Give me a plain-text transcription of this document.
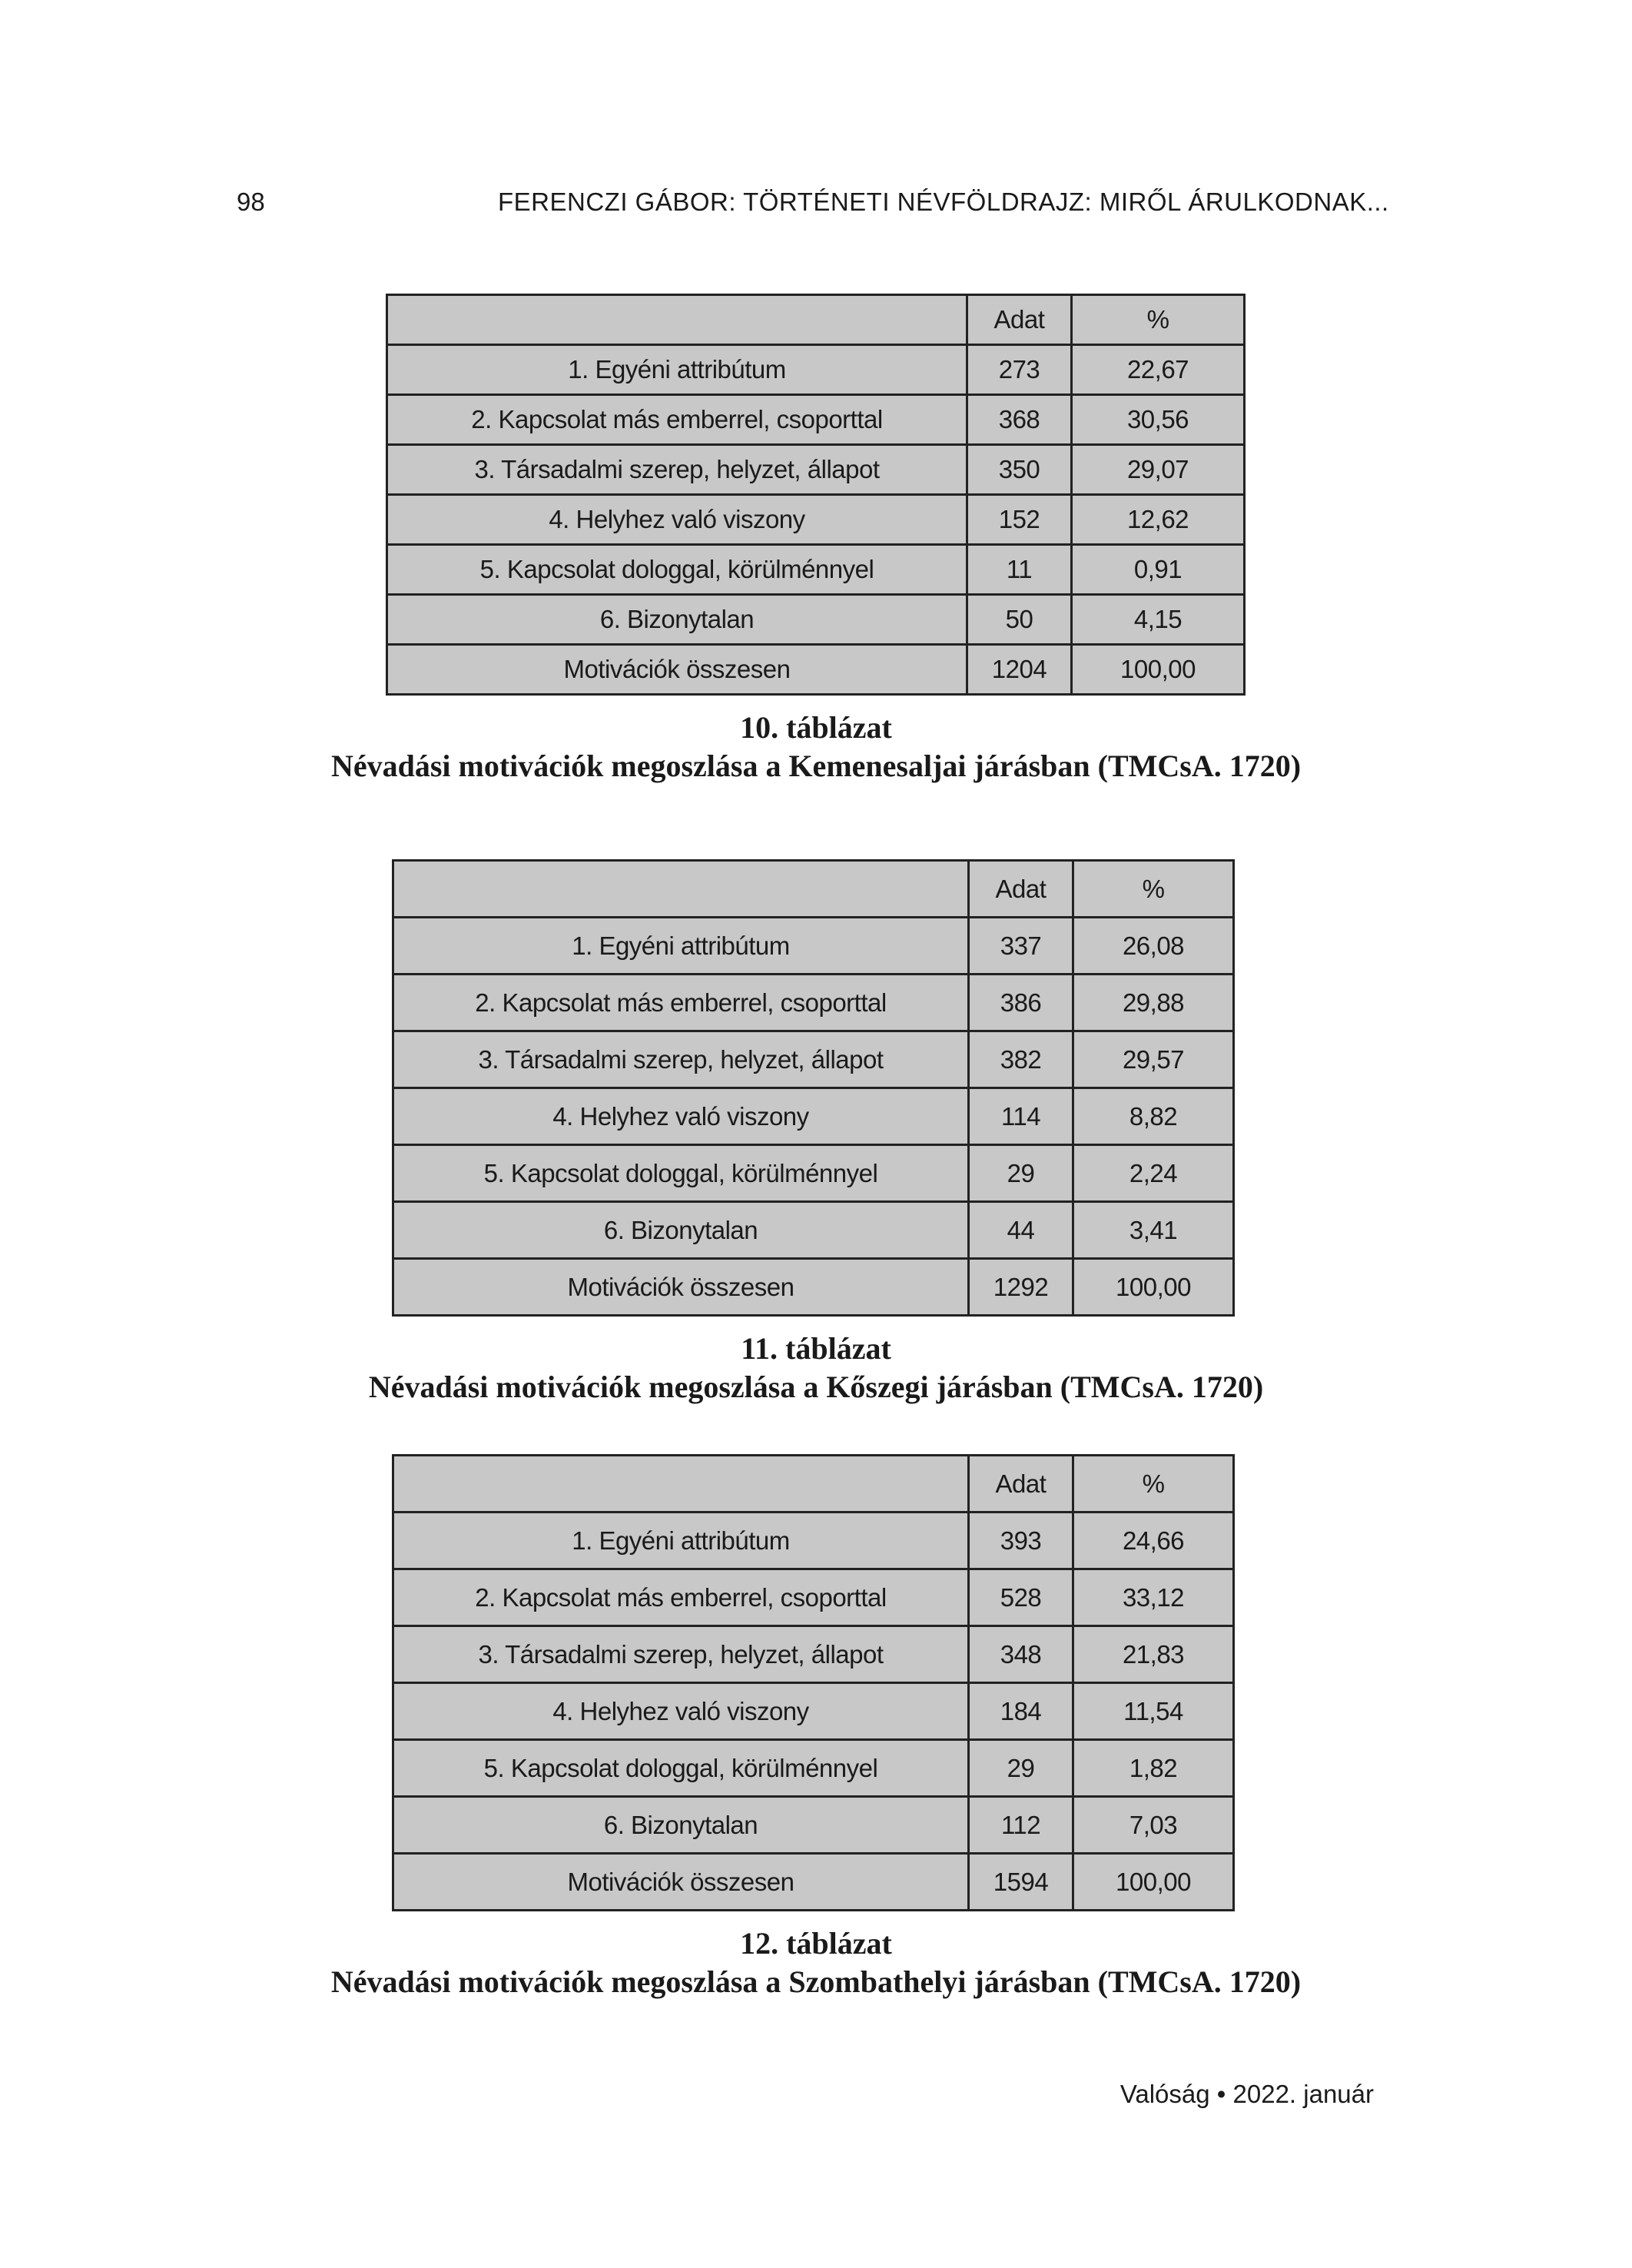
98	FERENCZI GÁBOR: TÖRTÉNETI NÉVFÖLDRAJZ: MIRŐL ÁRULKODNAK...
	Adat	%
1. Egyéni attribútum	273	22,67
2. Kapcsolat más emberrel, csoporttal	368	30,56
3. Társadalmi szerep, helyzet, állapot	350	29,07
4. Helyhez való viszony	152	12,62
5. Kapcsolat dologgal, körülménnyel	11	0,91
6. Bizonytalan	50	4,15
Motivációk összesen	1204	100,00
10. táblázat
Névadási motivációk megoszlása a Kemenesaljai járásban (TMCsA. 1720)
	Adat	%
1. Egyéni attribútum	337	26,08
2. Kapcsolat más emberrel, csoporttal	386	29,88
3. Társadalmi szerep, helyzet, állapot	382	29,57
4. Helyhez való viszony	114	8,82
5. Kapcsolat dologgal, körülménnyel	29	2,24
6. Bizonytalan	44	3,41
Motivációk összesen	1292	100,00
11. táblázat
Névadási motivációk megoszlása a Kőszegi járásban (TMCsA. 1720)
	Adat	%
1. Egyéni attribútum	393	24,66
2. Kapcsolat más emberrel, csoporttal	528	33,12
3. Társadalmi szerep, helyzet, állapot	348	21,83
4. Helyhez való viszony	184	11,54
5. Kapcsolat dologgal, körülménnyel	29	1,82
6. Bizonytalan	112	7,03
Motivációk összesen	1594	100,00
12. táblázat
Névadási motivációk megoszlása a Szombathelyi járásban (TMCsA. 1720)
Valóság • 2022. január
